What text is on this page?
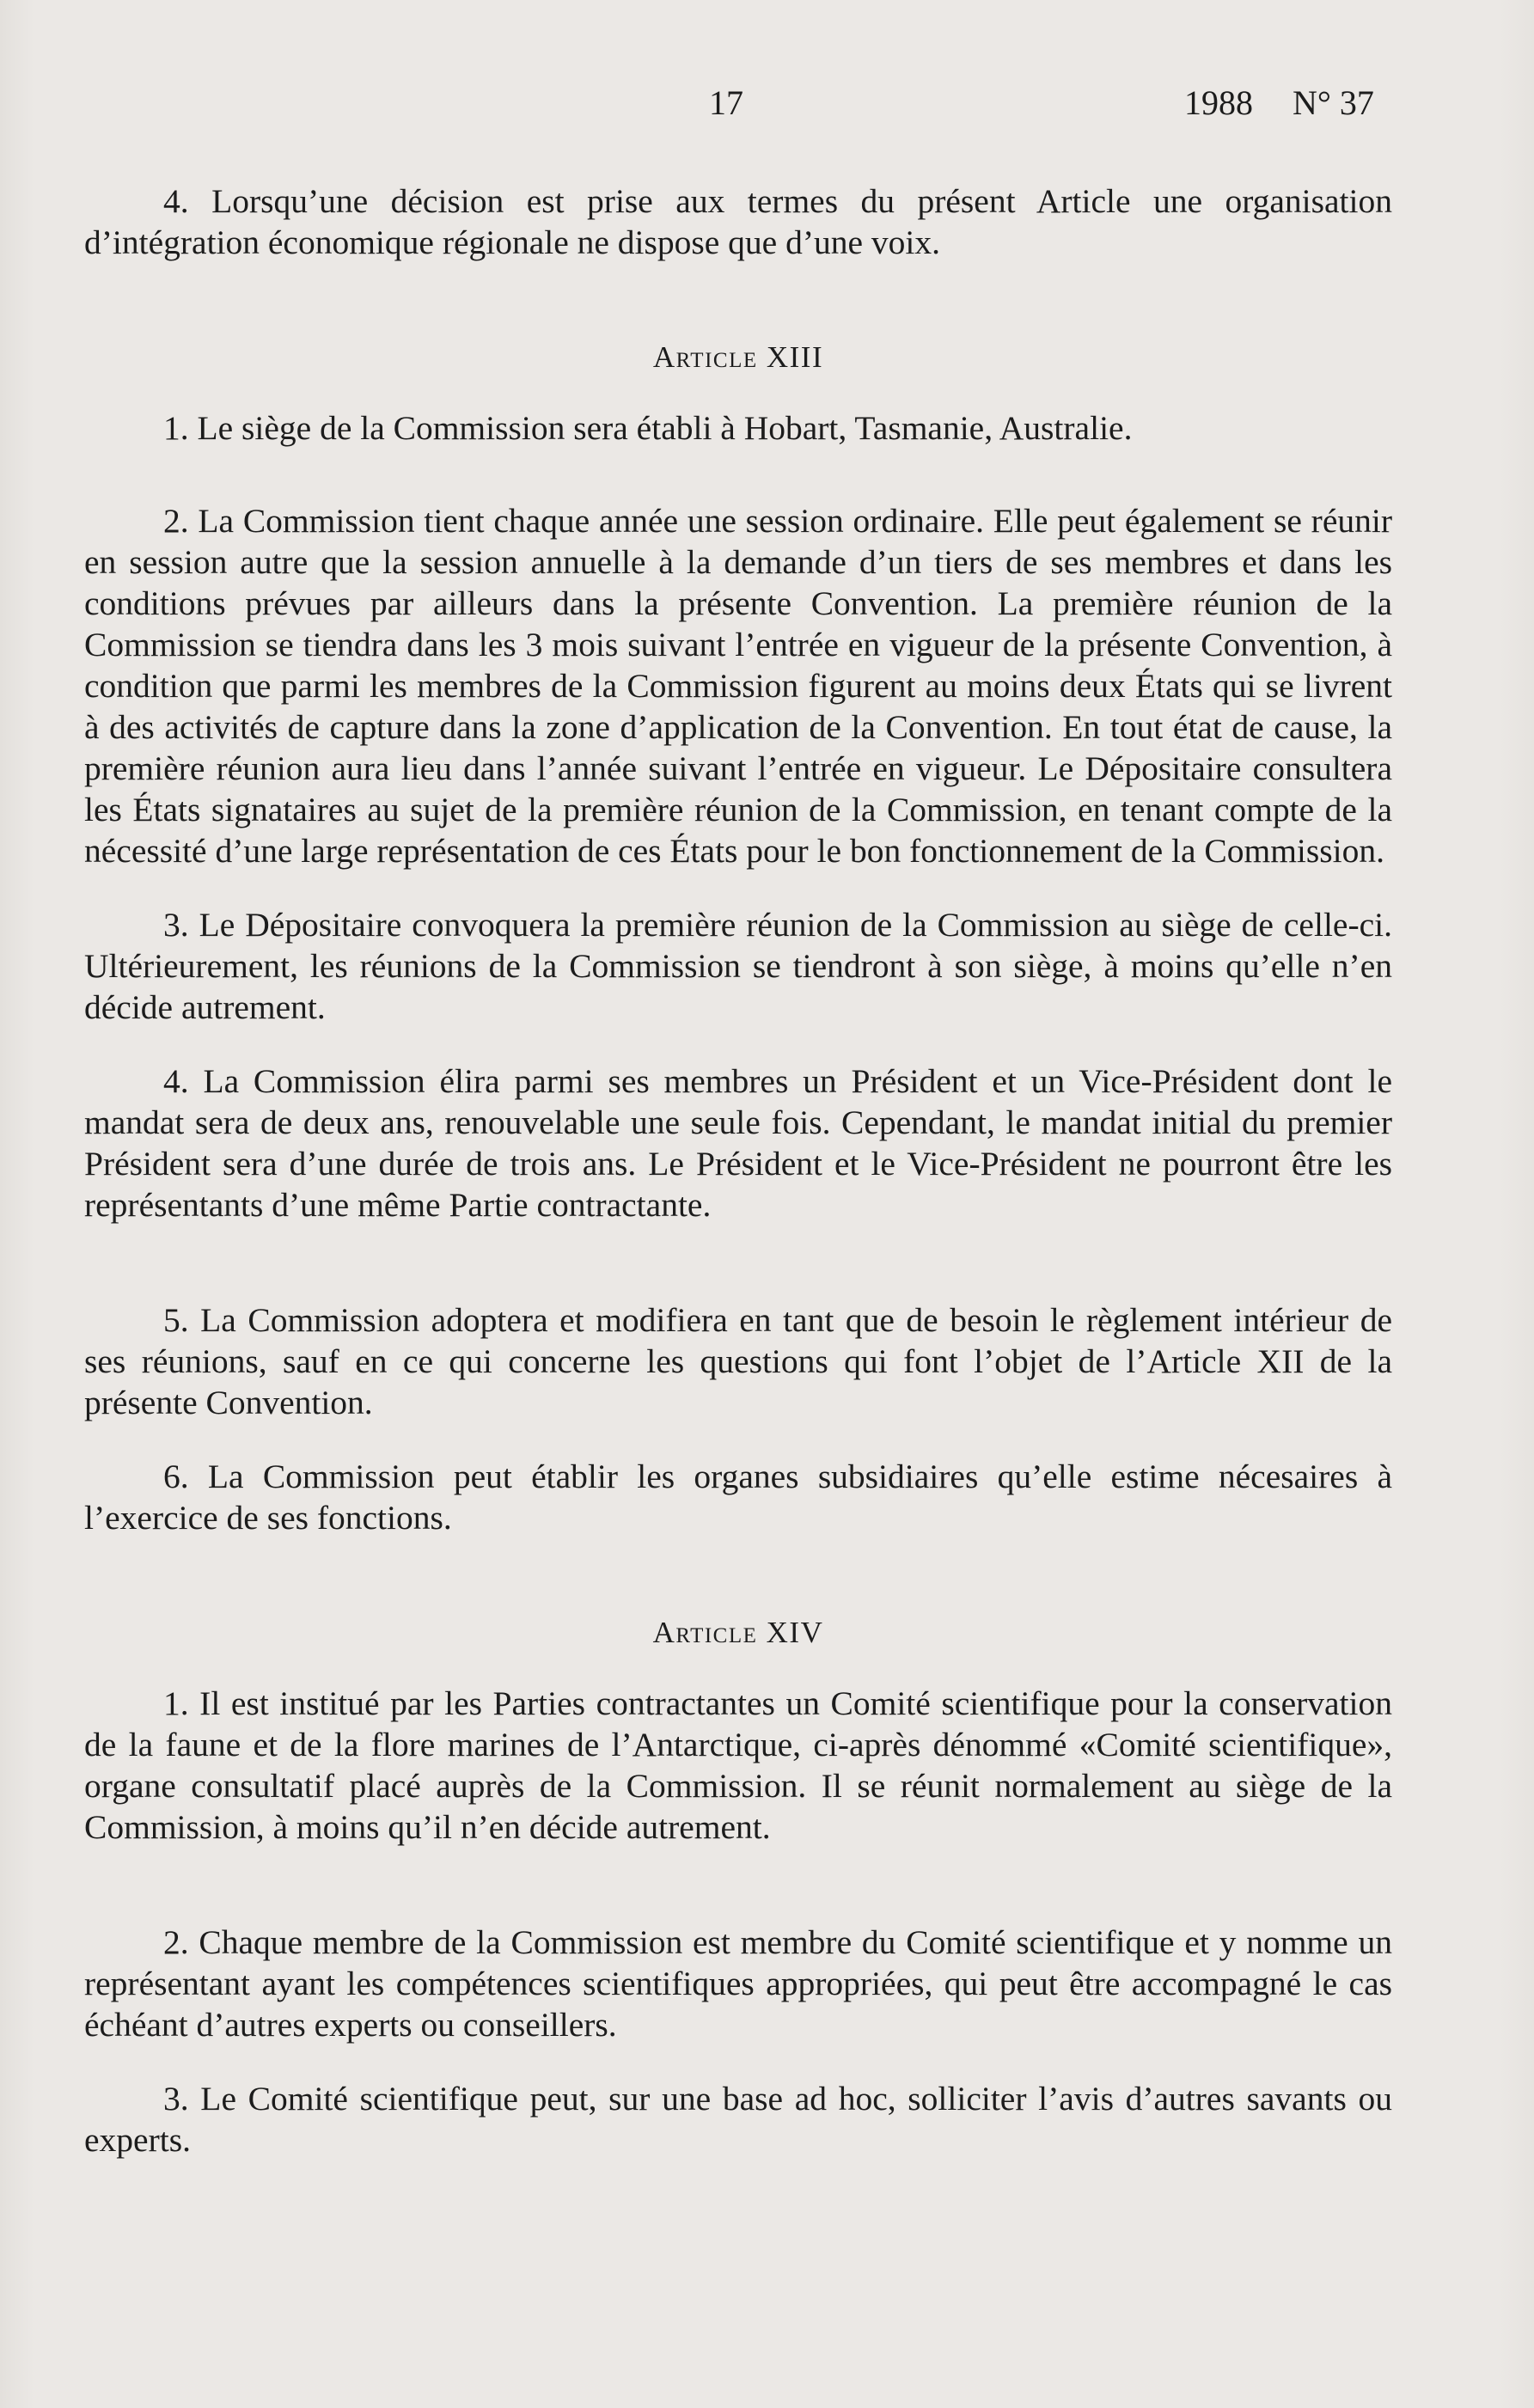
17	1988 N° 37

4. Lorsqu’une décision est prise aux termes du présent Article une organisation d’intégration économique régionale ne dispose que d’une voix.

Article XIII

1. Le siège de la Commission sera établi à Hobart, Tasmanie, Australie.

2. La Commission tient chaque année une session ordinaire. Elle peut également se réunir en session autre que la session annuelle à la demande d’un tiers de ses membres et dans les conditions prévues par ailleurs dans la présente Convention. La première réunion de la Commission se tiendra dans les 3 mois suivant l’entrée en vigueur de la présente Convention, à condition que parmi les membres de la Commission figurent au moins deux États qui se livrent à des activités de capture dans la zone d’application de la Convention. En tout état de cause, la première réunion aura lieu dans l’année suivant l’entrée en vigueur. Le Dépositaire consultera les États signataires au sujet de la première réunion de la Commission, en tenant compte de la nécessité d’une large représentation de ces États pour le bon fonctionnement de la Commission.

3. Le Dépositaire convoquera la première réunion de la Commission au siège de celle-ci. Ultérieurement, les réunions de la Commission se tiendront à son siège, à moins qu’elle n’en décide autrement.

4. La Commission élira parmi ses membres un Président et un Vice-Président dont le mandat sera de deux ans, renouvelable une seule fois. Cependant, le mandat initial du premier Président sera d’une durée de trois ans. Le Président et le Vice-Président ne pourront être les représentants d’une même Partie contractante.

5. La Commission adoptera et modifiera en tant que de besoin le règlement intérieur de ses réunions, sauf en ce qui concerne les questions qui font l’objet de l’Article XII de la présente Convention.

6. La Commission peut établir les organes subsidiaires qu’elle estime nécesaires à l’exercice de ses fonctions.

Article XIV

1. Il est institué par les Parties contractantes un Comité scientifique pour la conservation de la faune et de la flore marines de l’Antarctique, ci-après dénommé «Comité scientifique», organe consultatif placé auprès de la Commission. Il se réunit normalement au siège de la Commission, à moins qu’il n’en décide autrement.

2. Chaque membre de la Commission est membre du Comité scientifique et y nomme un représentant ayant les compétences scientifiques appropriées, qui peut être accompagné le cas échéant d’autres experts ou conseillers.

3. Le Comité scientifique peut, sur une base ad hoc, solliciter l’avis d’autres savants ou experts.
